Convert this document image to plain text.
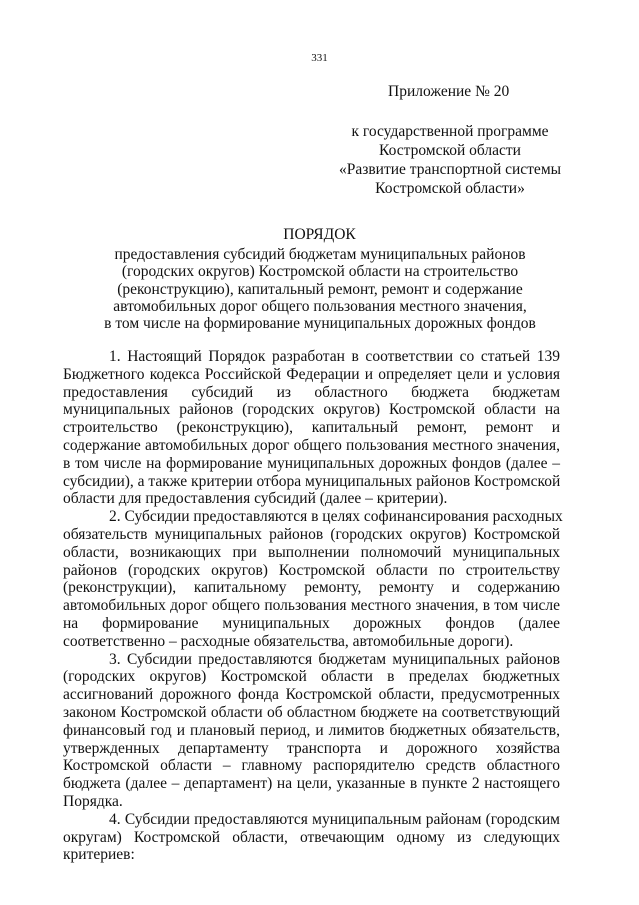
331
Приложение № 20
к государственной программе
Костромской области
«Развитие транспортной системы
Костромской области»
ПОРЯДОК
предоставления субсидий бюджетам муниципальных районов
(городских округов) Костромской области на строительство
(реконструкцию), капитальный ремонт, ремонт и содержание
автомобильных дорог общего пользования местного значения,
в том числе на формирование муниципальных дорожных фондов
1. Настоящий Порядок разработан в соответствии со статьей 139
Бюджетного кодекса Российской Федерации и определяет цели и условия
предоставления субсидий из областного бюджета бюджетам
муниципальных районов (городских округов) Костромской области на
строительство (реконструкцию), капитальный ремонт, ремонт и
содержание автомобильных дорог общего пользования местного значения,
в том числе на формирование муниципальных дорожных фондов (далее –
субсидии), а также критерии отбора муниципальных районов Костромской
области для предоставления субсидий (далее – критерии).
2. Субсидии предоставляются в целях софинансирования расходных
обязательств муниципальных районов (городских округов) Костромской
области, возникающих при выполнении полномочий муниципальных
районов (городских округов) Костромской области по строительству
(реконструкции), капитальному ремонту, ремонту и содержанию
автомобильных дорог общего пользования местного значения, в том числе
на формирование муниципальных дорожных фондов (далее
соответственно – расходные обязательства, автомобильные дороги).
3. Субсидии предоставляются бюджетам муниципальных районов
(городских округов) Костромской области в пределах бюджетных
ассигнований дорожного фонда Костромской области, предусмотренных
законом Костромской области об областном бюджете на соответствующий
финансовый год и плановый период, и лимитов бюджетных обязательств,
утвержденных департаменту транспорта и дорожного хозяйства
Костромской области – главному распорядителю средств областного
бюджета (далее – департамент) на цели, указанные в пункте 2 настоящего
Порядка.
4. Субсидии предоставляются муниципальным районам (городским
округам) Костромской области, отвечающим одному из следующих
критериев:
